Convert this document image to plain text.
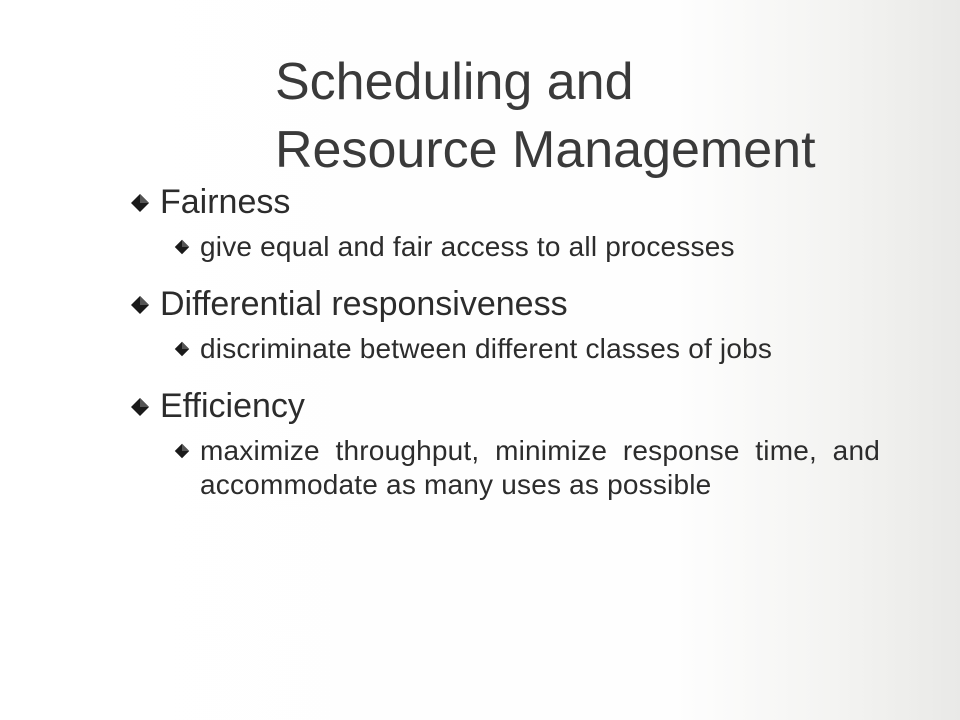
Scheduling and
Resource Management
Fairness
give equal and fair access to all processes
Differential responsiveness
discriminate between different classes of jobs
Efficiency
maximize throughput, minimize response time, and accommodate as many uses as possible
